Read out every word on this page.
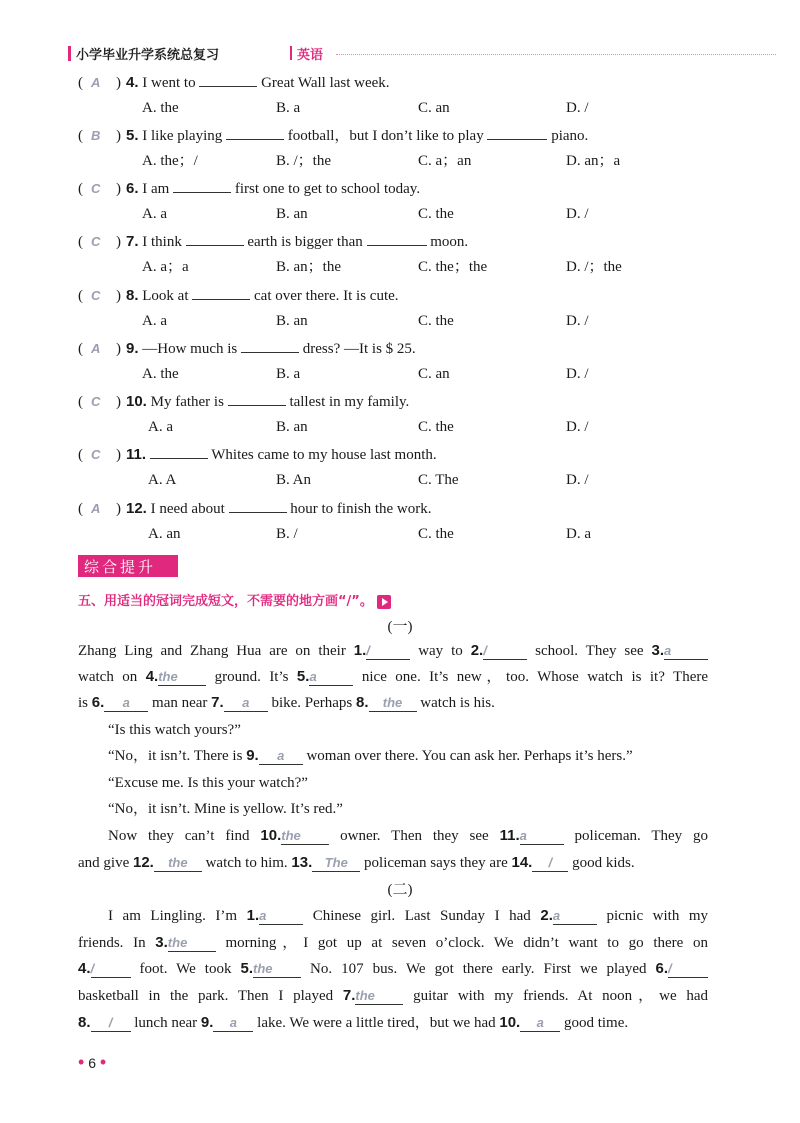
小学毕业升学系统总复习	英语
( A ) 4. I went to	Great Wall last week.
A. the	B. a	C. an	D. /
( B ) 5. I like playing	football，but I don’t like to play	piano.
A. the；/	B. /；the	C. a；an	D. an；a
( C ) 6. I am	first one to get to school today.
A. a	B. an	C. the	D. /
( C ) 7. I think	earth is bigger than	moon.
A. a；a	B. an；the	C. the；the	D. /；the
( C ) 8. Look at	cat over there. It is cute.
A. a	B. an	C. the	D. /
( A ) 9. —How much is	dress? —It is $ 25.
A. the	B. a	C. an	D. /
( C ) 10. My father is	tallest in my family.
A. a	B. an	C. the	D. /
( C ) 11.	Whites came to my house last month.
A. A	B. An	C. The	D. /
( A ) 12. I need about	hour to finish the work.
A. an	B. /	C. the	D. a
综合提升
五、用适当的冠词完成短文，不需要的地方画“/”。
(一)
Zhang Ling and Zhang Hua are on their 1./	way to 2./	school. They see 3.a
watch on 4.the ground. It’s 5.a	nice one. It’s new，too. Whose watch is it? There
is 6. a man near 7. a bike. Perhaps 8. the watch is his.
“Is this watch yours?”
“No，it isn’t. There is 9. a woman over there. You can ask her. Perhaps it’s hers.”
“Excuse me. Is this your watch?”
“No，it isn’t. Mine is yellow. It’s red.”
Now they can’t find 10.the	owner. Then they see 11.a	policeman. They go
and give 12. the watch to him. 13. The policeman says they are 14. / good kids.
(二)
I am Lingling. I’m 1.a	Chinese girl. Last Sunday I had 2.a	picnic with my
friends. In 3.the	morning，I got up at seven o’clock. We didn’t want to go there on
4./	foot. We took 5.the	No. 107 bus. We got there early. First we played 6./
basketball in the park. Then I played 7.the	guitar with my friends. At noon，we had
8. / lunch near 9. a lake. We were a little tired，but we had 10. a good time.
• 6 •
